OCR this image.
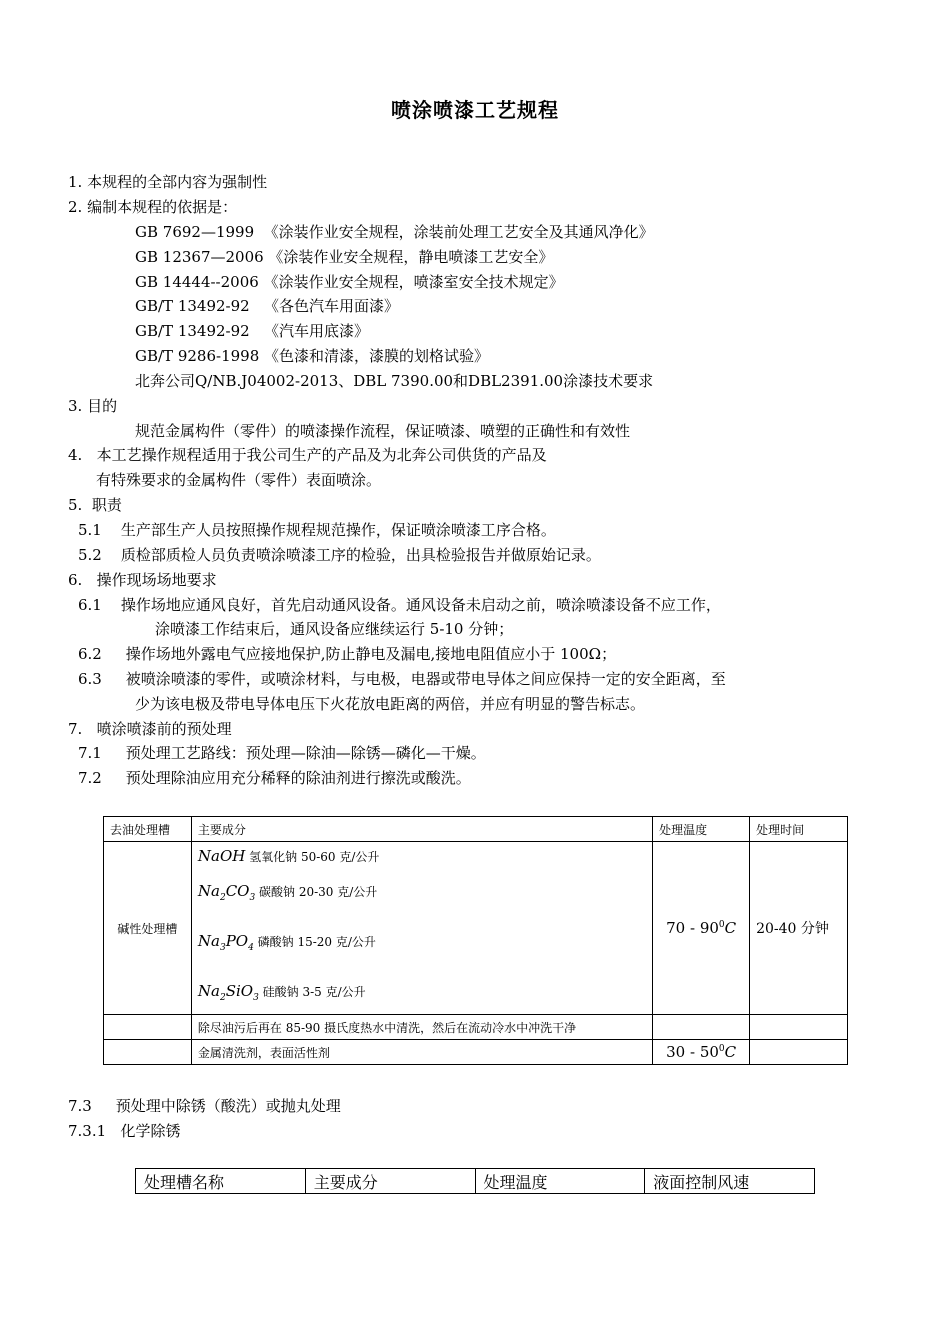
喷涂喷漆工艺规程
1. 本规程的全部内容为强制性
2. 编制本规程的依据是：
GB 7692—1999  《涂装作业安全规程，涂装前处理工艺安全及其通风净化》
GB 12367—2006 《涂装作业安全规程，静电喷漆工艺安全》
GB 14444--2006 《涂装作业安全规程，喷漆室安全技术规定》
GB/T 13492-92   《各色汽车用面漆》
GB/T 13492-92   《汽车用底漆》
GB/T 9286-1998 《色漆和清漆，漆膜的划格试验》
北奔公司Q/NB.J04002-2013、DBL 7390.00和DBL2391.00涂漆技术要求
3. 目的
规范金属构件（零件）的喷漆操作流程，保证喷漆、喷塑的正确性和有效性
4.   本工艺操作规程适用于我公司生产的产品及为北奔公司供货的产品及
有特殊要求的金属构件（零件）表面喷涂。
5.  职责
5.1    生产部生产人员按照操作规程规范操作，保证喷涂喷漆工序合格。
5.2    质检部质检人员负责喷涂喷漆工序的检验，出具检验报告并做原始记录。
6.   操作现场场地要求
6.1    操作场地应通风良好，首先启动通风设备。通风设备未启动之前，喷涂喷漆设备不应工作，
涂喷漆工作结束后，通风设备应继续运行 5-10 分钟；
6.2     操作场地外露电气应接地保护,防止静电及漏电,接地电阻值应小于 100Ω；
6.3     被喷涂喷漆的零件，或喷涂材料，与电极，电器或带电导体之间应保持一定的安全距离，至
少为该电极及带电导体电压下火花放电距离的两倍，并应有明显的警告标志。
7.   喷涂喷漆前的预处理
7.1     预处理工艺路线：预处理—除油—除锈—磷化—干燥。
7.2     预处理除油应用充分稀释的除油剂进行擦洗或酸洗。
去油处理槽	主要成分	处理温度	处理时间
碱性处理槽	NaOH 氢氧化钠 50-60 克/公升
$Na_2CO_3$ 碳酸钠 20-30 克/公升
$Na_3PO_4$ 磷酸钠 15-20 克/公升
$Na_2SiO_3$ 硅酸钠 3-5 克/公升	$70 - 90^0C$	20-40 分钟
	除尽油污后再在 85-90 摄氏度热水中清洗，然后在流动冷水中冲洗干净		
	金属清洗剂，表面活性剂	$30 - 50^0C$	
7.3     预处理中除锈（酸洗）或抛丸处理
7.3.1   化学除锈
处理槽名称	主要成分	处理温度	液面控制风速
